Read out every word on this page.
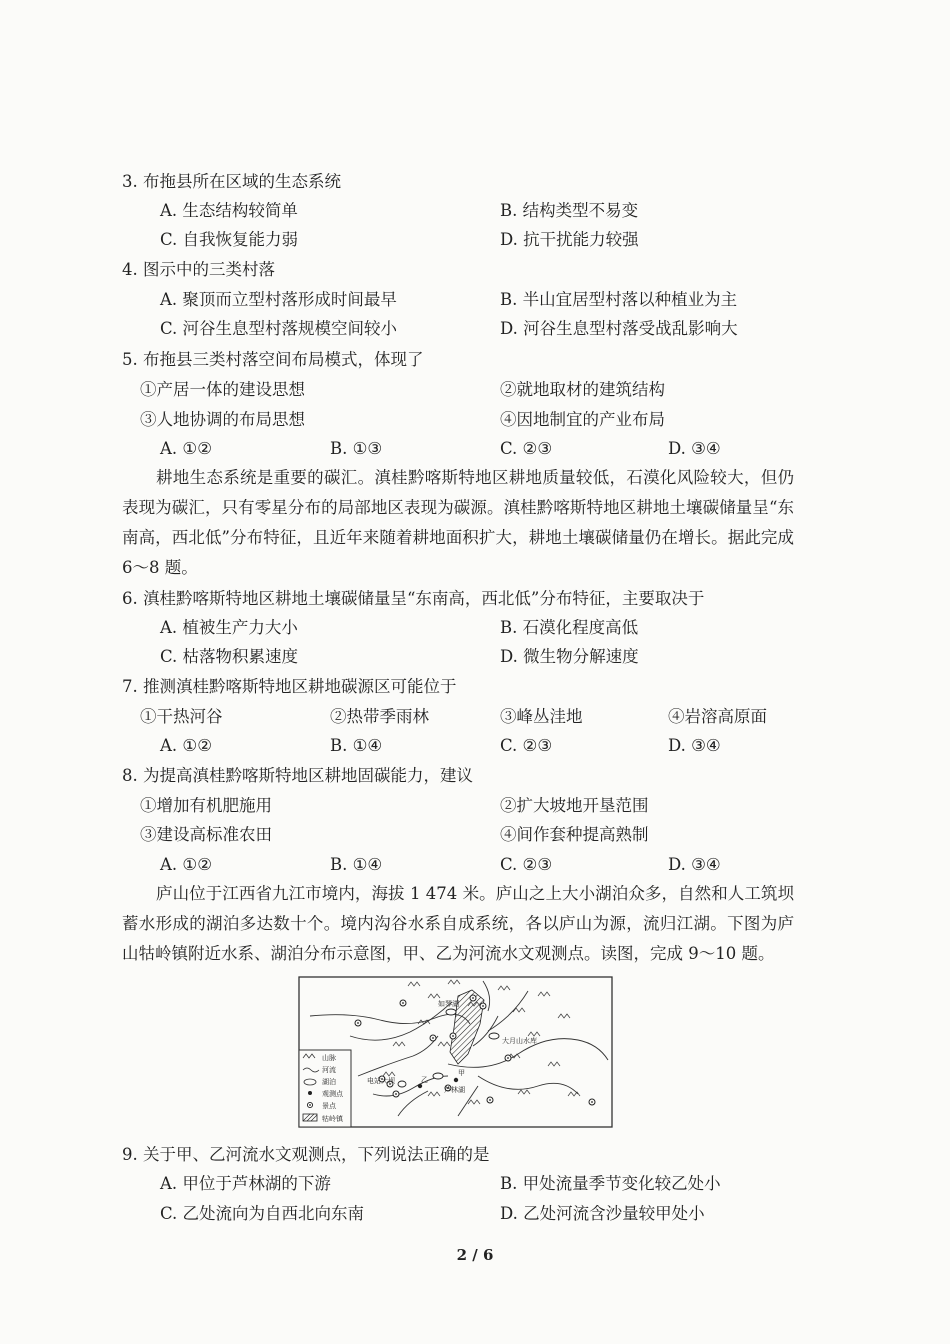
3. 布拖县所在区域的生态系统
A. 生态结构较简单	B. 结构类型不易变
C. 自我恢复能力弱	D. 抗干扰能力较强
4. 图示中的三类村落
A. 聚顶而立型村落形成时间最早	B. 半山宜居型村落以种植业为主
C. 河谷生息型村落规模空间较小	D. 河谷生息型村落受战乱影响大
5. 布拖县三类村落空间布局模式，体现了
①产居一体的建设思想	②就地取材的建筑结构
③人地协调的布局思想	④因地制宜的产业布局
A. ①②	B. ①③	C. ②③	D. ③④
耕地生态系统是重要的碳汇。滇桂黔喀斯特地区耕地质量较低，石漠化风险较大，但仍表现为碳汇，只有零星分布的局部地区表现为碳源。滇桂黔喀斯特地区耕地土壤碳储量呈“东南高，西北低”分布特征，且近年来随着耕地面积扩大，耕地土壤碳储量仍在增长。据此完成 6～8 题。
6. 滇桂黔喀斯特地区耕地土壤碳储量呈“东南高，西北低”分布特征，主要取决于
A. 植被生产力大小	B. 石漠化程度高低
C. 枯落物积累速度	D. 微生物分解速度
7. 推测滇桂黔喀斯特地区耕地碳源区可能位于
①干热河谷	②热带季雨林	③峰丛洼地	④岩溶高原面
A. ①②	B. ①④	C. ②③	D. ③④
8. 为提高滇桂黔喀斯特地区耕地固碳能力，建议
①增加有机肥施用	②扩大坡地开垦范围
③建设高标准农田	④间作套种提高熟制
A. ①②	B. ①④	C. ②③	D. ③④
庐山位于江西省九江市境内，海拔 1 474 米。庐山之上大小湖泊众多，自然和人工筑坝蓄水形成的湖泊多达数十个。境内沟谷水系自成系统，各以庐山为源，流归江湖。下图为庐山牯岭镇附近水系、湖泊分布示意图，甲、乙为河流水文观测点。读图，完成 9～10 题。
山脉
河流
湖泊
观测点
景点
牯岭镇
如琴湖
大月山水库
电站大坝
芦林湖
甲
乙
9. 关于甲、乙河流水文观测点，下列说法正确的是
A. 甲位于芦林湖的下游	B. 甲处流量季节变化较乙处小
C. 乙处流向为自西北向东南	D. 乙处河流含沙量较甲处小
2 / 6
